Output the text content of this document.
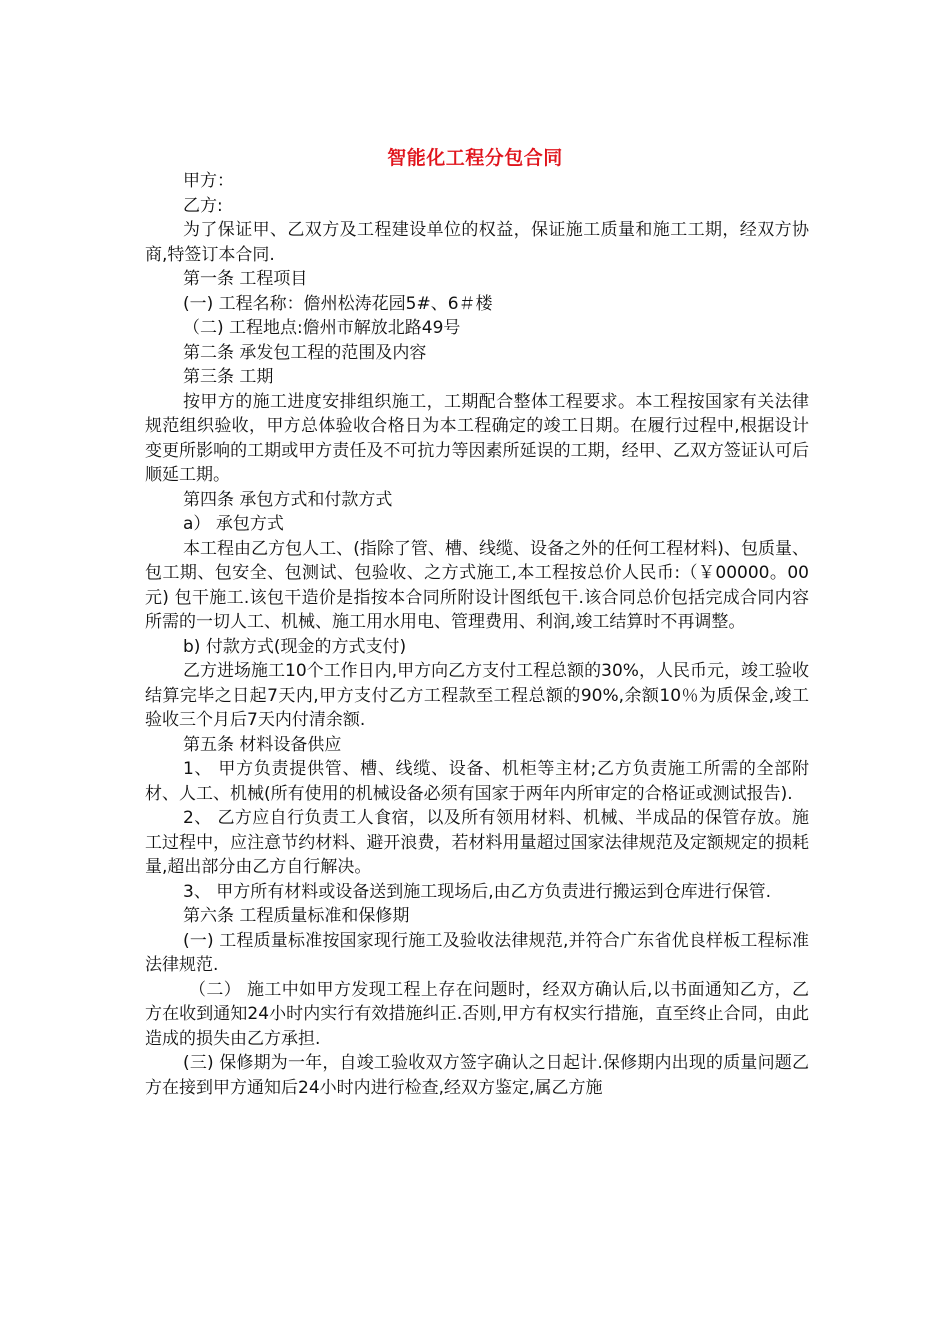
智能化工程分包合同

甲方：

乙方:

为了保证甲、乙双方及工程建设单位的权益，保证施工质量和施工工期，经双方协商,特签订本合同.

第一条 工程项目

(一) 工程名称：儋州松涛花园5#、6＃楼

（二) 工程地点:儋州市解放北路49号

第二条 承发包工程的范围及内容

第三条 工期

按甲方的施工进度安排组织施工，工期配合整体工程要求。本工程按国家有关法律规范组织验收，甲方总体验收合格日为本工程确定的竣工日期。在履行过程中,根据设计变更所影响的工期或甲方责任及不可抗力等因素所延误的工期，经甲、乙双方签证认可后顺延工期。

第四条 承包方式和付款方式

a） 承包方式

本工程由乙方包人工、(指除了管、槽、线缆、设备之外的任何工程材料)、包质量、包工期、包安全、包测试、包验收、之方式施工,本工程按总价人民币:（￥00000。00元) 包干施工.该包干造价是指按本合同所附设计图纸包干.该合同总价包括完成合同内容所需的一切人工、机械、施工用水用电、管理费用、利润,竣工结算时不再调整。

b) 付款方式(现金的方式支付)

乙方进场施工10个工作日内,甲方向乙方支付工程总额的30%，人民币元，竣工验收结算完毕之日起7天内,甲方支付乙方工程款至工程总额的90%,余额10％为质保金,竣工验收三个月后7天内付清余额.

第五条 材料设备供应

1、 甲方负责提供管、槽、线缆、设备、机柜等主材;乙方负责施工所需的全部附材、人工、机械(所有使用的机械设备必须有国家于两年内所审定的合格证或测试报告).

2、 乙方应自行负责工人食宿，以及所有领用材料、机械、半成品的保管存放。施工过程中，应注意节约材料、避开浪费，若材料用量超过国家法律规范及定额规定的损耗量,超出部分由乙方自行解决。

3、 甲方所有材料或设备送到施工现场后,由乙方负责进行搬运到仓库进行保管.

第六条 工程质量标准和保修期

(一) 工程质量标准按国家现行施工及验收法律规范,并符合广东省优良样板工程标准法律规范.

（二） 施工中如甲方发现工程上存在问题时，经双方确认后,以书面通知乙方，乙方在收到通知24小时内实行有效措施纠正.否则,甲方有权实行措施，直至终止合同，由此造成的损失由乙方承担.

(三) 保修期为一年，自竣工验收双方签字确认之日起计.保修期内出现的质量问题乙方在接到甲方通知后24小时内进行检查,经双方鉴定,属乙方施
